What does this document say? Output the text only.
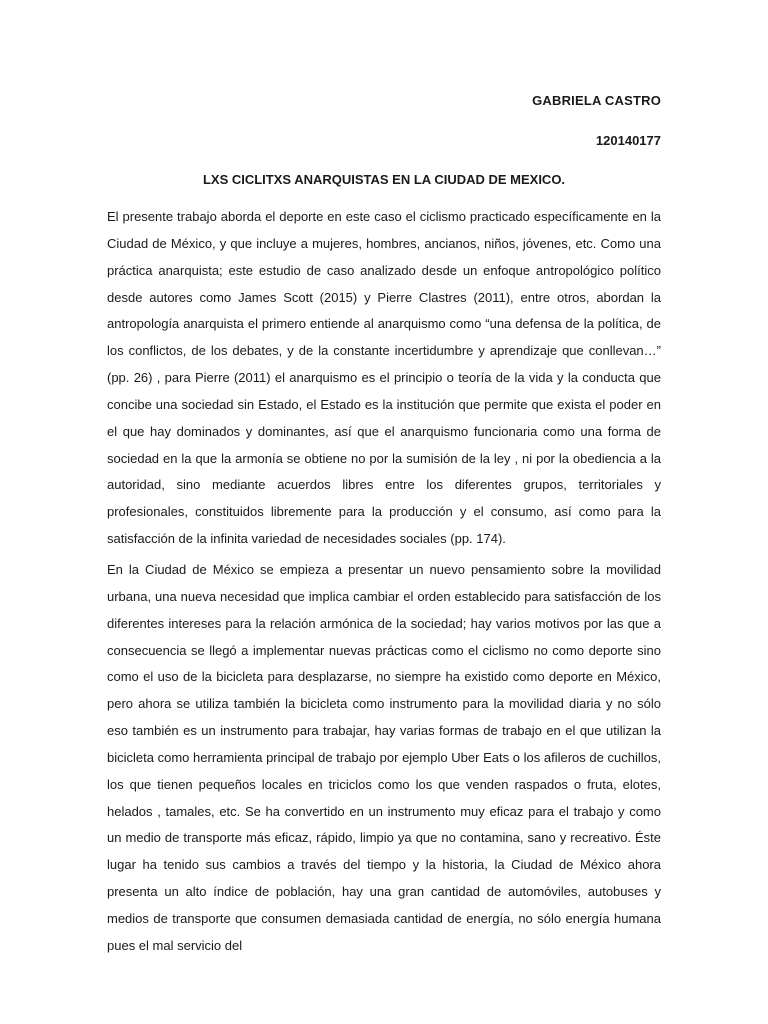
GABRIELA CASTRO
120140177
LXS CICLITXS ANARQUISTAS EN LA CIUDAD DE MEXICO.

El presente trabajo aborda el deporte en este caso el ciclismo practicado específicamente en la Ciudad de México, y que incluye a mujeres, hombres, ancianos, niños, jóvenes, etc. Como una práctica anarquista; este estudio de caso analizado desde un enfoque antropológico político desde autores como James Scott (2015) y Pierre Clastres (2011), entre otros, abordan la antropología anarquista el primero entiende al anarquismo como “una defensa de la política, de los conflictos, de los debates, y de la constante incertidumbre y aprendizaje que conllevan…” (pp. 26) , para Pierre (2011) el anarquismo es el principio o teoría de la vida y la conducta que concibe una sociedad sin Estado, el Estado es la institución que permite que exista el poder en el que hay dominados y dominantes, así que el anarquismo funcionaria como una forma de sociedad en la que la armonía se obtiene no por la sumisión de la ley , ni por la obediencia a la autoridad, sino mediante acuerdos libres entre los diferentes grupos, territoriales y profesionales, constituidos libremente para la producción y el consumo, así como para la satisfacción de la infinita variedad de necesidades sociales (pp. 174).

En la Ciudad de México se empieza a presentar un nuevo pensamiento sobre la movilidad urbana, una nueva necesidad que implica cambiar el orden establecido para satisfacción de los diferentes intereses para la relación armónica de la sociedad; hay varios motivos por las que a consecuencia se llegó a implementar nuevas prácticas como el ciclismo no como deporte sino como el uso de la bicicleta para desplazarse, no siempre ha existido como deporte en México, pero ahora se utiliza también la bicicleta como instrumento para la movilidad diaria y no sólo eso también es un instrumento para trabajar, hay varias formas de trabajo en el que utilizan la bicicleta como herramienta principal de trabajo por ejemplo Uber Eats o los afileros de cuchillos, los que tienen pequeños locales en triciclos como los que venden raspados o fruta, elotes, helados , tamales, etc. Se ha convertido en un instrumento muy eficaz para el trabajo y como un medio de transporte más eficaz, rápido, limpio ya que no contamina, sano y recreativo. Éste lugar ha tenido sus cambios a través del tiempo y la historia, la Ciudad de México ahora presenta un alto índice de población, hay una gran cantidad de automóviles, autobuses y medios de transporte que consumen demasiada cantidad de energía, no sólo energía humana pues el mal servicio del
